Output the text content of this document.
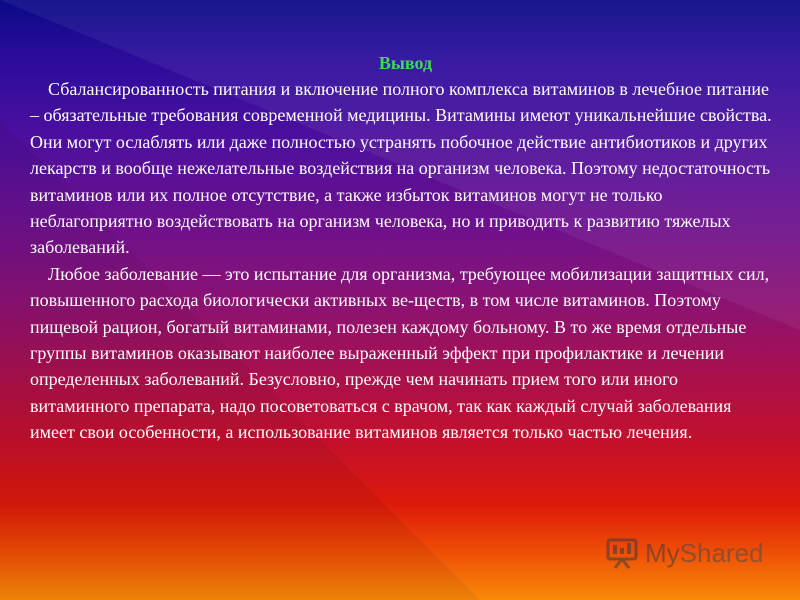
Вывод

Сбалансированность питания и включение полного комплекса витаминов в лечебное питание – обязательные требования современной медицины. Витамины имеют уникальнейшие свойства. Они могут ослаблять или даже полностью устранять побочное действие антибиотиков и других лекарств и вообще нежелательные воздействия на организм человека. Поэтому недостаточность витаминов или их полное отсутствие, а также избыток витаминов могут не только неблагоприятно воздействовать на организм человека, но и приводить к развитию тяжелых заболеваний.

Любое заболевание — это испытание для организма, требующее мобилизации защитных сил, повышенного расхода биологически активных ве-ществ, в том числе витаминов. Поэтому пищевой рацион, богатый витаминами, полезен каждому больному. В то же время отдельные группы витаминов оказывают наиболее выраженный эффект при профилактике и лечении определенных заболеваний. Безусловно, прежде чем начинать прием того или иного витаминного препарата, надо посоветоваться с врачом, так как каждый случай заболевания имеет свои особенности, а использование витаминов является только частью лечения.

MyShared
